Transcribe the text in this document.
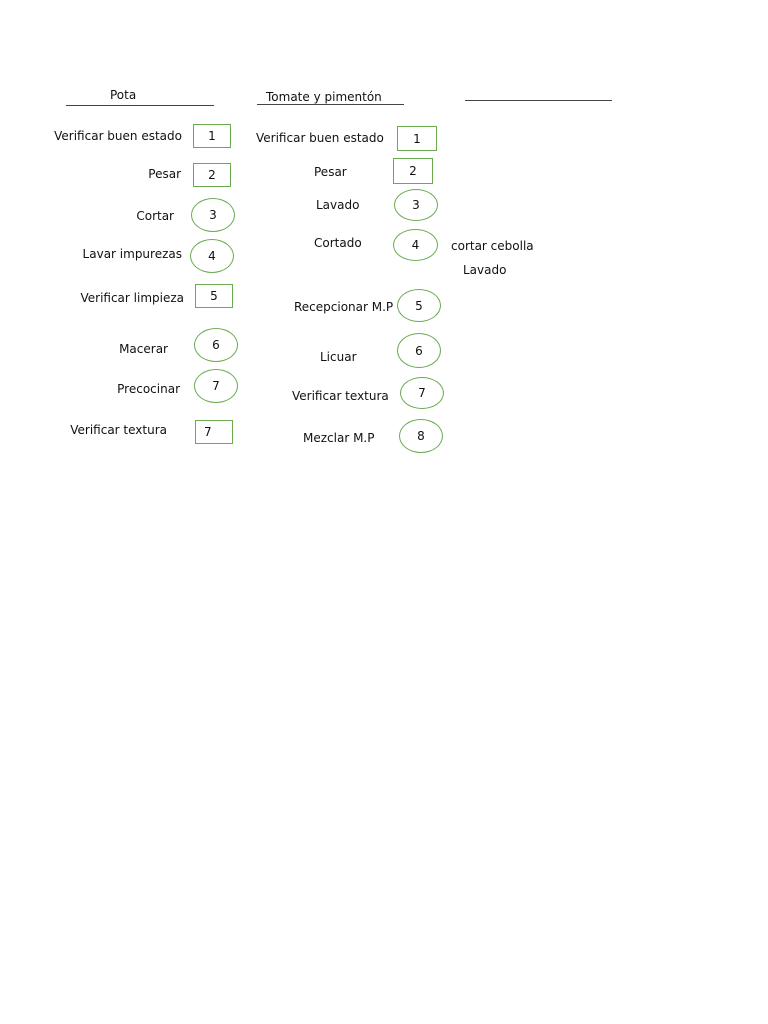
Pota	Tomate y pimentón
Verificar buen estado 1
Pesar 2
Cortar	3
Lavar impurezas 4
Verificar limpieza 5
Macerar	6
Precocinar	7
Verificar textura	7
Verificar buen estado 1
Pesar	2
Lavado	3
Cortado	4	cortar cebolla
Lavado
Recepcionar M.P 5
Licuar	6
Verificar textura 7
Mezclar M.P	8
